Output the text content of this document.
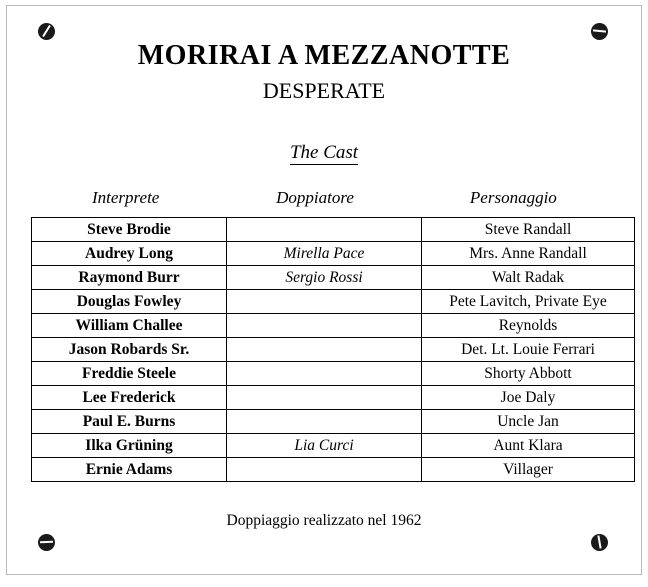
MORIRAI A MEZZANOTTE
DESPERATE
The Cast
Interprete	Doppiatore	Personaggio
Steve Brodie		Steve Randall
Audrey Long	Mirella Pace	Mrs. Anne Randall
Raymond Burr	Sergio Rossi	Walt Radak
Douglas Fowley		Pete Lavitch, Private Eye
William Challee		Reynolds
Jason Robards Sr.		Det. Lt. Louie Ferrari
Freddie Steele		Shorty Abbott
Lee Frederick		Joe Daly
Paul E. Burns		Uncle Jan
Ilka Grüning	Lia Curci	Aunt Klara
Ernie Adams		Villager
Doppiaggio realizzato nel 1962
